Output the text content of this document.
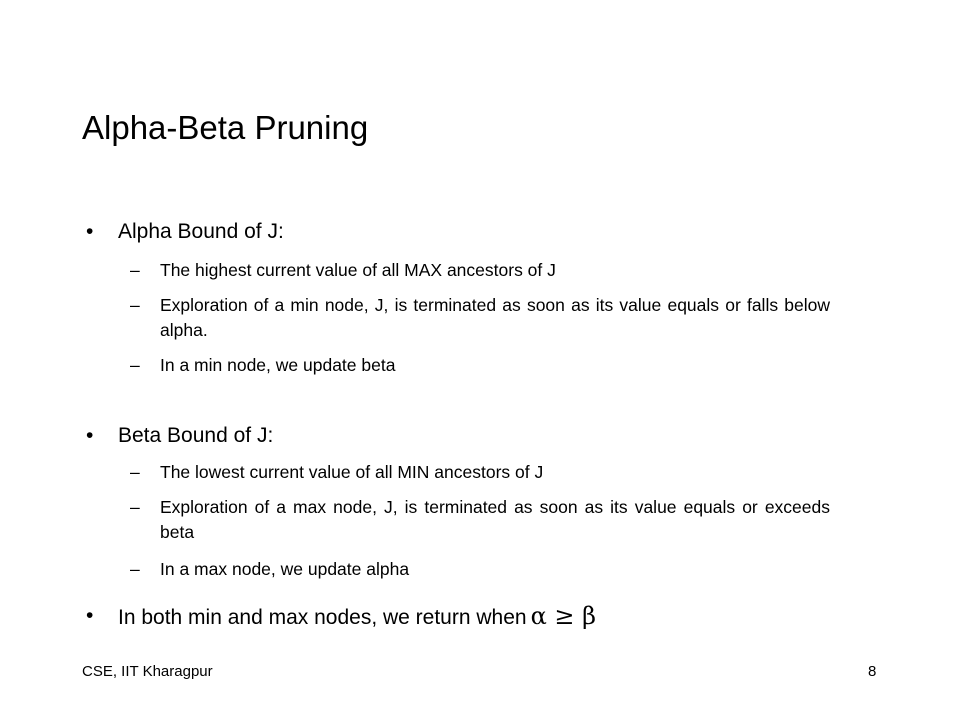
Alpha-Beta Pruning
• Alpha Bound of J:
– The highest current value of all MAX ancestors of J
– Exploration of a min node, J, is terminated as soon as its value equals or falls below alpha.
– In a min node, we update beta
• Beta Bound of J:
– The lowest current value of all MIN ancestors of J
– Exploration of a max node, J, is terminated as soon as its value equals or exceeds beta
– In a max node, we update alpha
• In both min and max nodes, we return when α ≥ β
CSE, IIT Kharagpur	8
